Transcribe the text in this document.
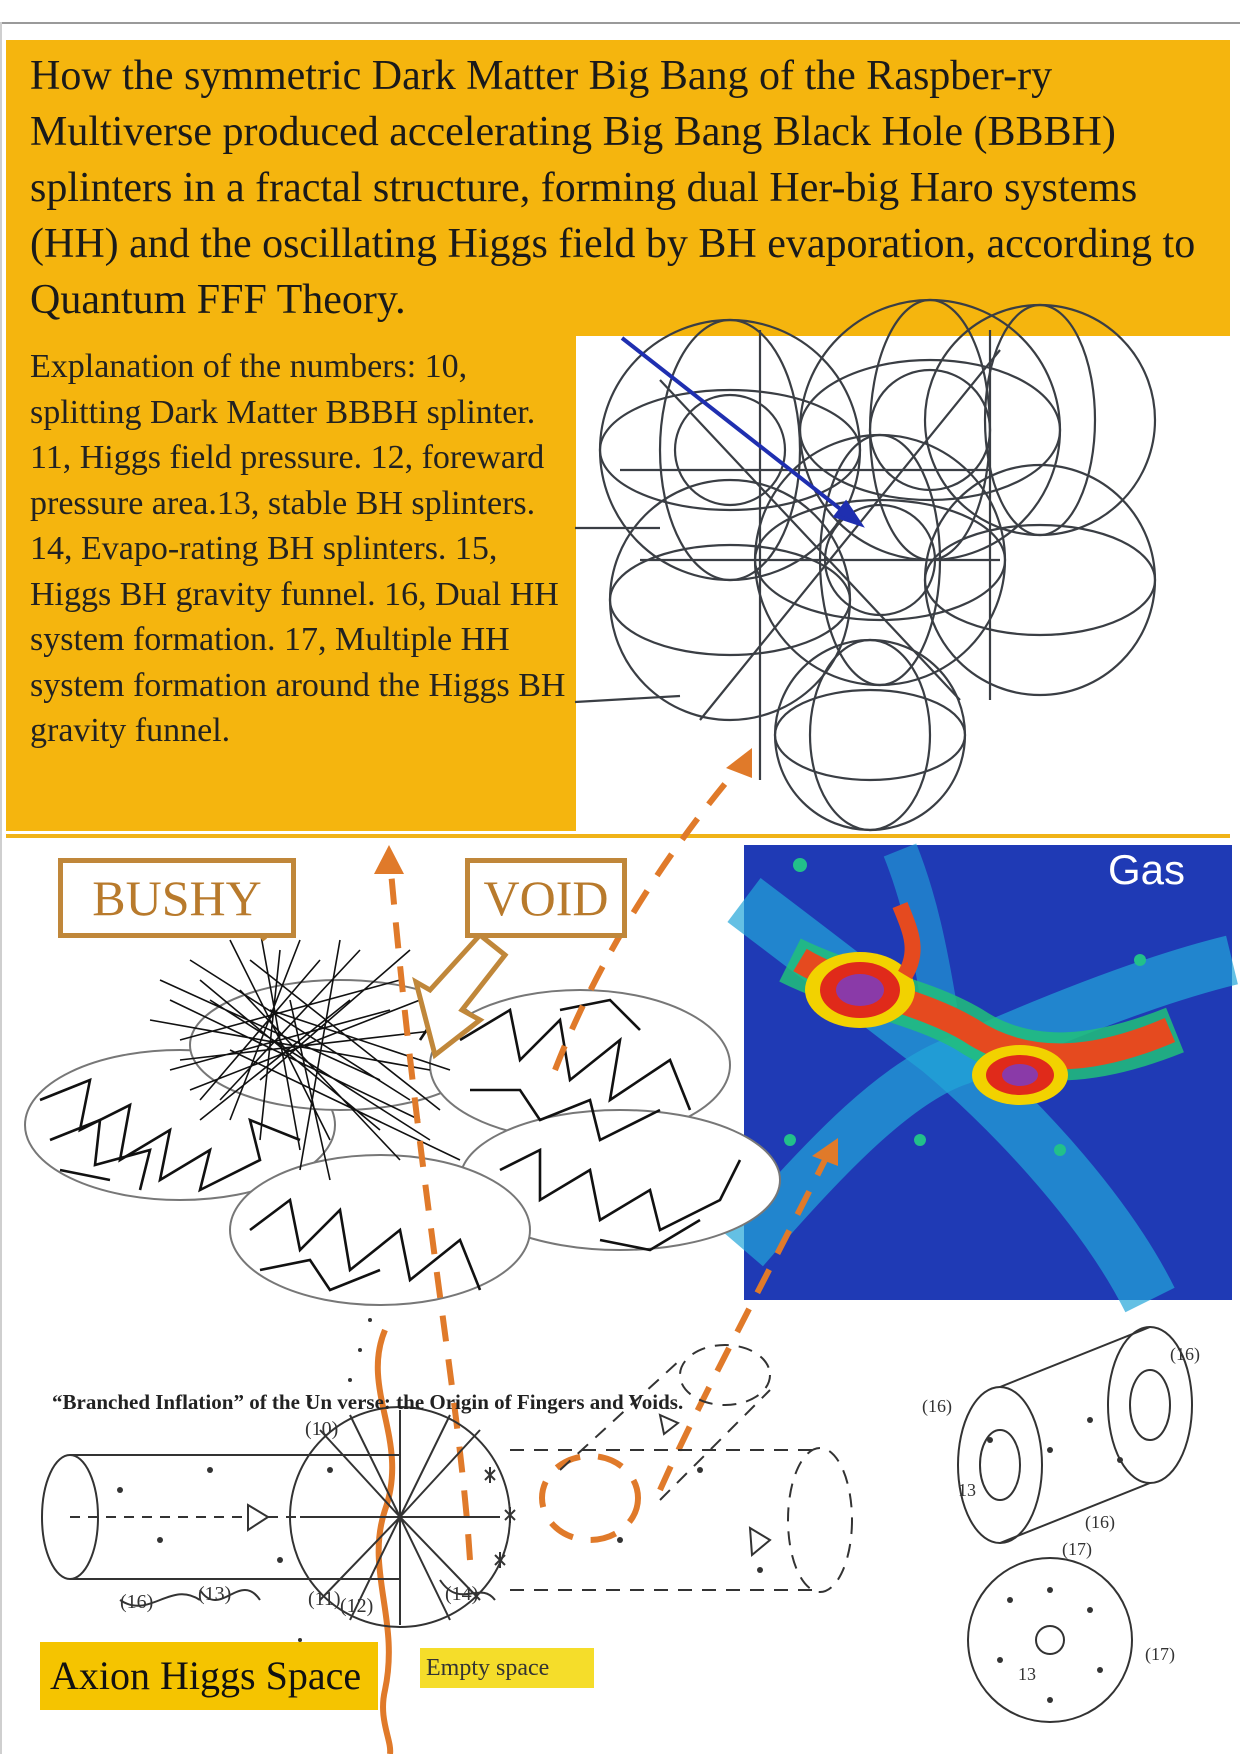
How the symmetric Dark Matter Big Bang of the Raspber-ry Multiverse produced accelerating Big Bang Black Hole (BBBH) splinters in a fractal structure, forming dual Her-big Haro systems (HH) and the oscillating Higgs field by BH evaporation, according to Quantum FFF Theory.

Explanation of the numbers: 10, splitting Dark Matter BBBH splinter. 11, Higgs field pressure. 12, foreward pressure area.13, stable BH splinters. 14, Evapo-rating BH splinters. 15, Higgs BH gravity funnel. 16, Dual HH system formation. 17, Multiple HH system formation around the Higgs BH gravity funnel.

(10)
(11) (12)
(13)	(14)
(16)
(16)
(16)
(16)
13
13
(17)
(17)
Gas
BUSHY	VOID
“Branched Inflation” of the Un verse: the Origin of Fingers and Voids.
Axion Higgs Space	Empty space
